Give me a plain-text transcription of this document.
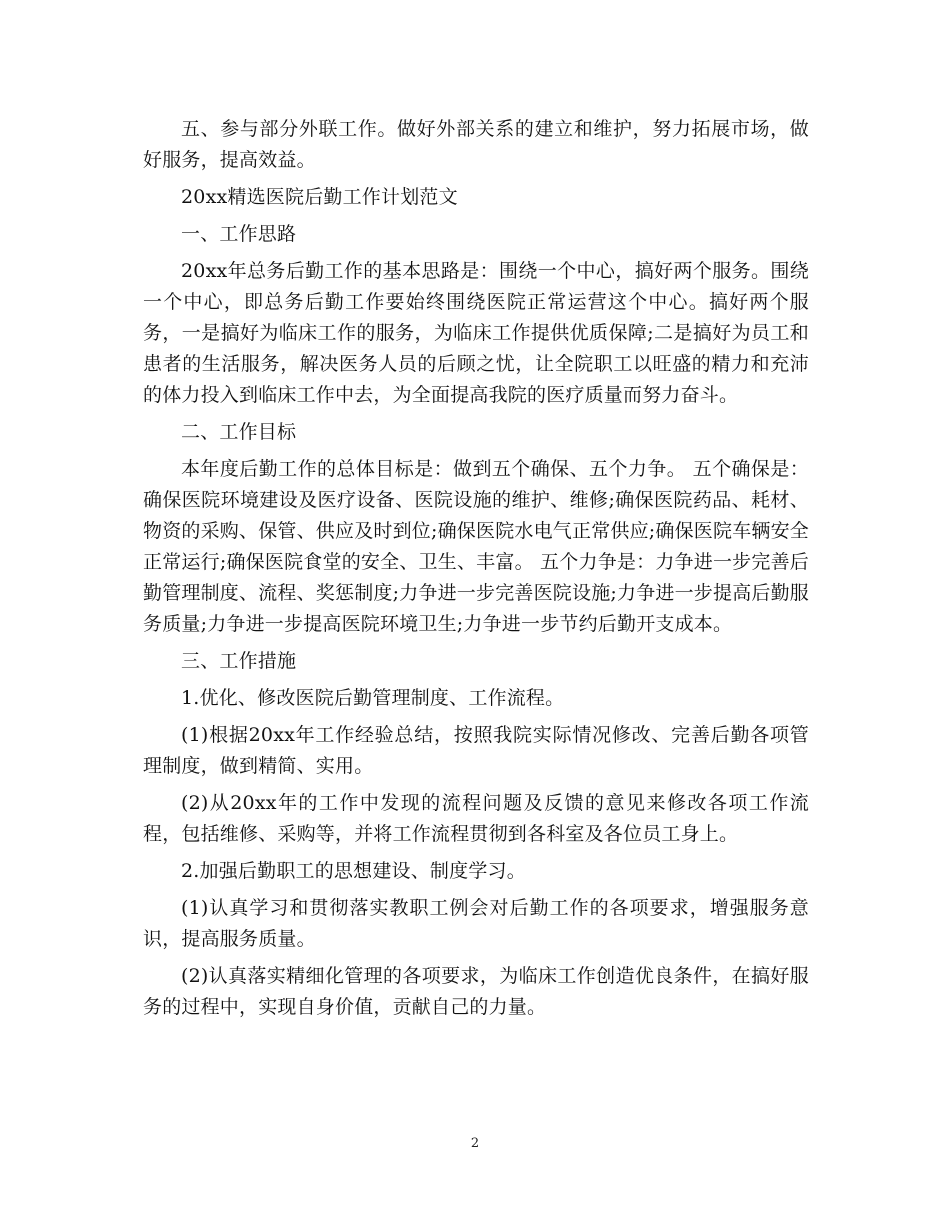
五、参与部分外联工作。做好外部关系的建立和维护，努力拓展市场，做好服务，提高效益。

20xx精选医院后勤工作计划范文

一、工作思路

20xx年总务后勤工作的基本思路是：围绕一个中心，搞好两个服务。围绕一个中心，即总务后勤工作要始终围绕医院正常运营这个中心。搞好两个服务，一是搞好为临床工作的服务，为临床工作提供优质保障;二是搞好为员工和患者的生活服务，解决医务人员的后顾之忧，让全院职工以旺盛的精力和充沛的体力投入到临床工作中去，为全面提高我院的医疗质量而努力奋斗。

二、工作目标

本年度后勤工作的总体目标是：做到五个确保、五个力争。 五个确保是：确保医院环境建设及医疗设备、医院设施的维护、维修;确保医院药品、耗材、物资的采购、保管、供应及时到位;确保医院水电气正常供应;确保医院车辆安全正常运行;确保医院食堂的安全、卫生、丰富。 五个力争是：力争进一步完善后勤管理制度、流程、奖惩制度;力争进一步完善医院设施;力争进一步提高后勤服务质量;力争进一步提高医院环境卫生;力争进一步节约后勤开支成本。

三、工作措施

1.优化、修改医院后勤管理制度、工作流程。

(1)根据20xx年工作经验总结，按照我院实际情况修改、完善后勤各项管理制度，做到精简、实用。

(2)从20xx年的工作中发现的流程问题及反馈的意见来修改各项工作流程，包括维修、采购等，并将工作流程贯彻到各科室及各位员工身上。

2.加强后勤职工的思想建设、制度学习。

(1)认真学习和贯彻落实教职工例会对后勤工作的各项要求，增强服务意识，提高服务质量。

(2)认真落实精细化管理的各项要求，为临床工作创造优良条件，在搞好服务的过程中，实现自身价值，贡献自己的力量。

2
